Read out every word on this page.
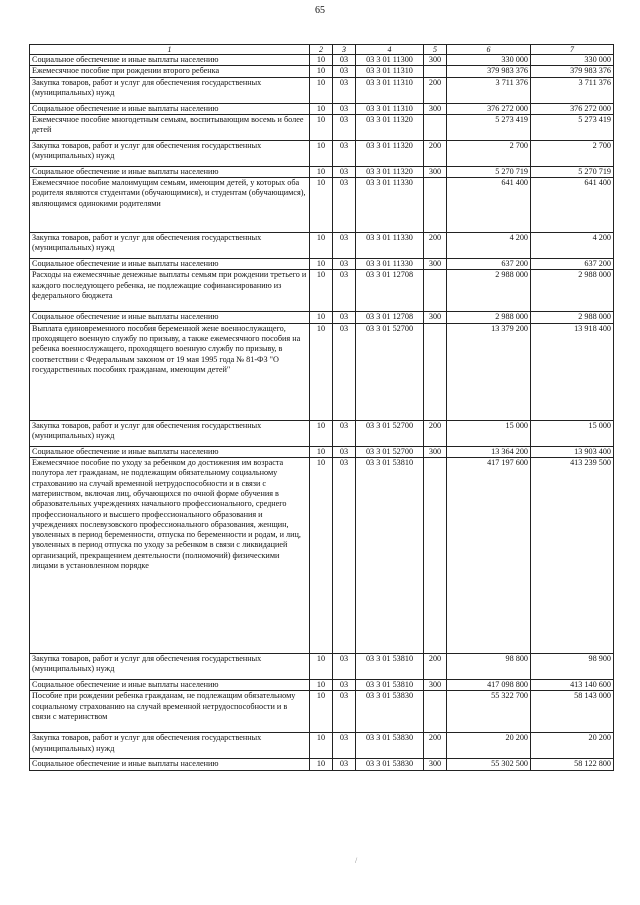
65
1	2	3	4	5	6	7
Социальное обеспечение и иные выплаты населению	10	03	03 3 01 11300	300	330 000	330 000
Ежемесячное пособие при рождении второго ребенка	10	03	03 3 01 11310		379 983 376	379 983 376
Закупка товаров, работ и услуг для обеспечения государственных (муниципальных) нужд	10	03	03 3 01 11310	200	3 711 376	3 711 376
Социальное обеспечение и иные выплаты населению	10	03	03 3 01 11310	300	376 272 000	376 272 000
Ежемесячное пособие многодетным семьям, воспитывающим восемь и более детей	10	03	03 3 01 11320		5 273 419	5 273 419
Закупка товаров, работ и услуг для обеспечения государственных (муниципальных) нужд	10	03	03 3 01 11320	200	2 700	2 700
Социальное обеспечение и иные выплаты населению	10	03	03 3 01 11320	300	5 270 719	5 270 719
Ежемесячное пособие малоимущим семьям, имеющим детей, у которых оба родителя являются студентами (обучающимися), и студентам (обучающимся), являющимся одинокими родителями	10	03	03 3 01 11330		641 400	641 400
Закупка товаров, работ и услуг для обеспечения государственных (муниципальных) нужд	10	03	03 3 01 11330	200	4 200	4 200
Социальное обеспечение и иные выплаты населению	10	03	03 3 01 11330	300	637 200	637 200
Расходы на ежемесячные денежные выплаты семьям при рождении третьего и каждого последующего ребенка, не подлежащие софинансированию из федерального бюджета	10	03	03 3 01 12708		2 988 000	2 988 000
Социальное обеспечение и иные выплаты населению	10	03	03 3 01 12708	300	2 988 000	2 988 000
Выплата единовременного пособия беременной жене военнослужащего, проходящего военную службу по призыву, а также ежемесячного пособия на ребенка военнослужащего, проходящего военную службу по призыву, в соответствии с Федеральным законом от 19 мая 1995 года № 81-ФЗ "О государственных пособиях гражданам, имеющим детей"	10	03	03 3 01 52700		13 379 200	13 918 400
Закупка товаров, работ и услуг для обеспечения государственных (муниципальных) нужд	10	03	03 3 01 52700	200	15 000	15 000
Социальное обеспечение и иные выплаты населению	10	03	03 3 01 52700	300	13 364 200	13 903 400
Ежемесячное пособие по уходу за ребенком до достижения им возраста полутора лет гражданам, не подлежащим обязательному социальному страхованию на случай временной нетрудоспособности и в связи с материнством, включая лиц, обучающихся по очной форме обучения в образовательных учреждениях начального профессионального, среднего профессионального и высшего профессионального образования и учреждениях послевузовского профессионального образования, женщин, уволенных в период беременности, отпуска по беременности и родам, и лиц, уволенных в период отпуска по уходу за ребенком в связи с ликвидацией организаций, прекращением деятельности (полномочий) физическими лицами в установленном порядке	10	03	03 3 01 53810		417 197 600	413 239 500
Закупка товаров, работ и услуг для обеспечения государственных (муниципальных) нужд	10	03	03 3 01 53810	200	98 800	98 900
Социальное обеспечение и иные выплаты населению	10	03	03 3 01 53810	300	417 098 800	413 140 600
Пособие при рождении ребенка гражданам, не подлежащим обязательному социальному страхованию на случай временной нетрудоспособности и в связи с материнством	10	03	03 3 01 53830		55 322 700	58 143 000
Закупка товаров, работ и услуг для обеспечения государственных (муниципальных) нужд	10	03	03 3 01 53830	200	20 200	20 200
Социальное обеспечение и иные выплаты населению	10	03	03 3 01 53830	300	55 302 500	58 122 800
/
